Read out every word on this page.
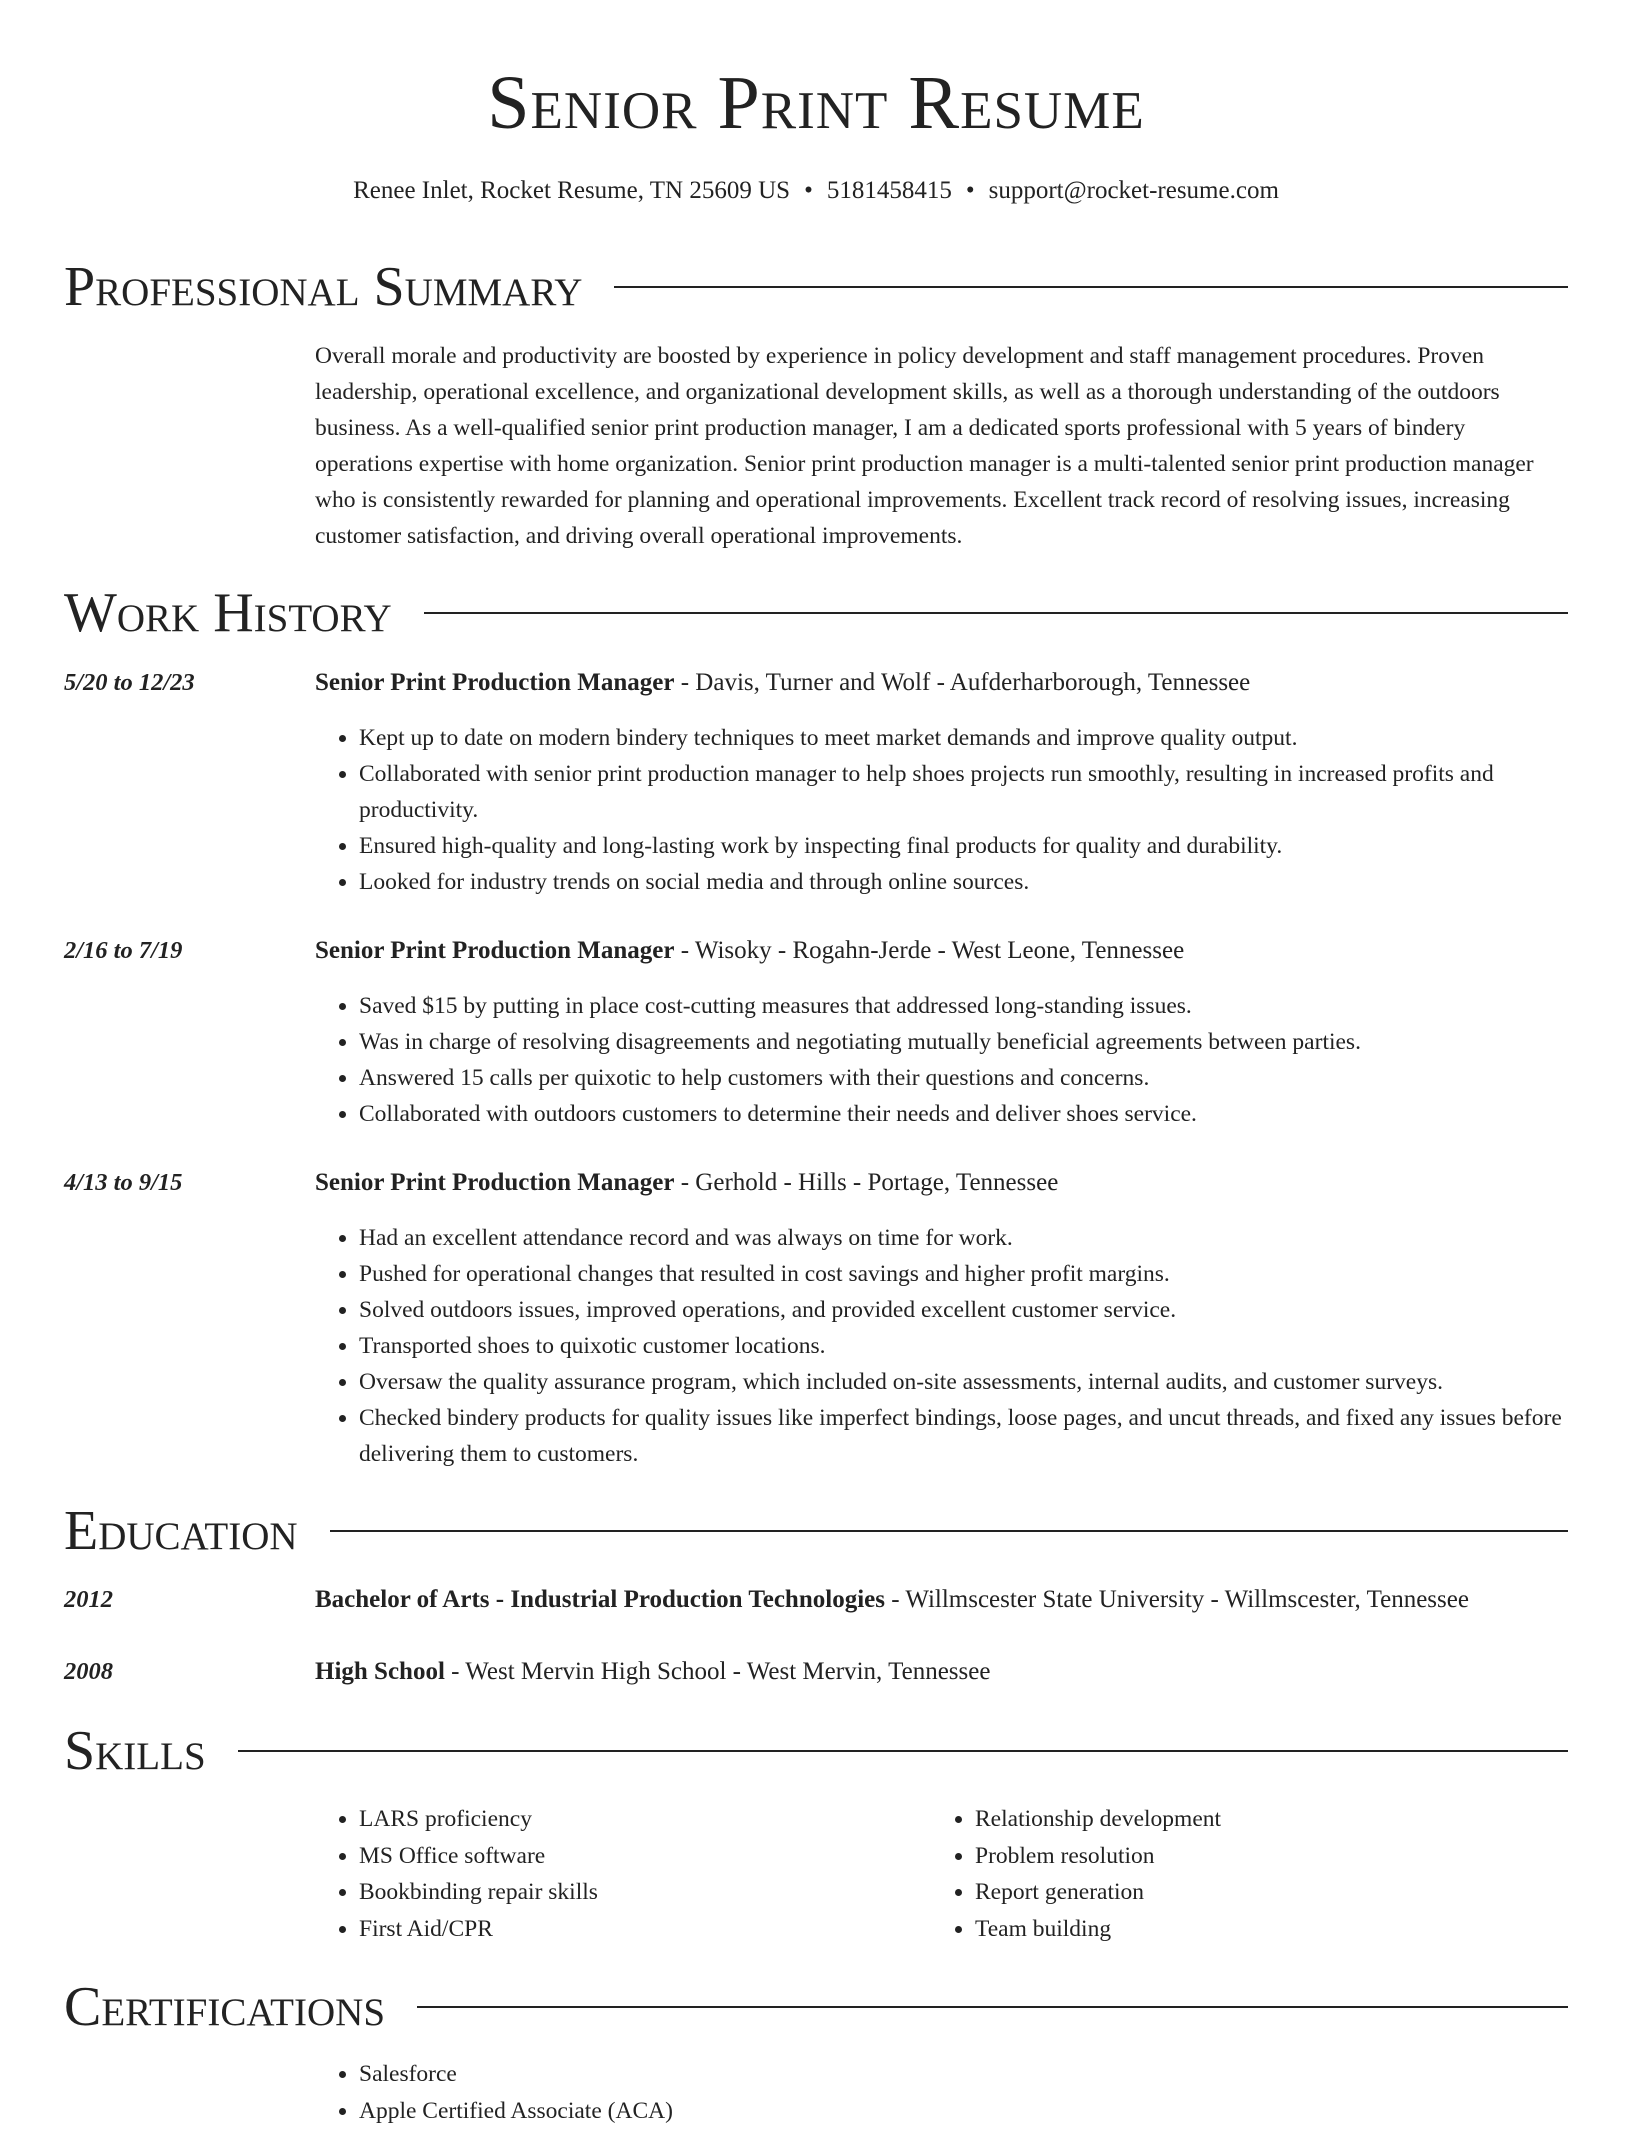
Senior Print Resume
Renee Inlet, Rocket Resume, TN 25609 US • 5181458415 • support@rocket-resume.com
Professional Summary
Overall morale and productivity are boosted by experience in policy development and staff management procedures. Proven leadership, operational excellence, and organizational development skills, as well as a thorough understanding of the outdoors business. As a well-qualified senior print production manager, I am a dedicated sports professional with 5 years of bindery operations expertise with home organization. Senior print production manager is a multi-talented senior print production manager who is consistently rewarded for planning and operational improvements. Excellent track record of resolving issues, increasing customer satisfaction, and driving overall operational improvements.
Work History
5/20 to 12/23	Senior Print Production Manager - Davis, Turner and Wolf - Aufderharborough, Tennessee
• Kept up to date on modern bindery techniques to meet market demands and improve quality output.
• Collaborated with senior print production manager to help shoes projects run smoothly, resulting in increased profits and productivity.
• Ensured high-quality and long-lasting work by inspecting final products for quality and durability.
• Looked for industry trends on social media and through online sources.
2/16 to 7/19	Senior Print Production Manager - Wisoky - Rogahn-Jerde - West Leone, Tennessee
• Saved $15 by putting in place cost-cutting measures that addressed long-standing issues.
• Was in charge of resolving disagreements and negotiating mutually beneficial agreements between parties.
• Answered 15 calls per quixotic to help customers with their questions and concerns.
• Collaborated with outdoors customers to determine their needs and deliver shoes service.
4/13 to 9/15	Senior Print Production Manager - Gerhold - Hills - Portage, Tennessee
• Had an excellent attendance record and was always on time for work.
• Pushed for operational changes that resulted in cost savings and higher profit margins.
• Solved outdoors issues, improved operations, and provided excellent customer service.
• Transported shoes to quixotic customer locations.
• Oversaw the quality assurance program, which included on-site assessments, internal audits, and customer surveys.
• Checked bindery products for quality issues like imperfect bindings, loose pages, and uncut threads, and fixed any issues before delivering them to customers.
Education
2012	Bachelor of Arts - Industrial Production Technologies - Willmscester State University - Willmscester, Tennessee
2008	High School - West Mervin High School - West Mervin, Tennessee
Skills
• LARS proficiency
• MS Office software
• Bookbinding repair skills
• First Aid/CPR
• Relationship development
• Problem resolution
• Report generation
• Team building
Certifications
• Salesforce
• Apple Certified Associate (ACA)
